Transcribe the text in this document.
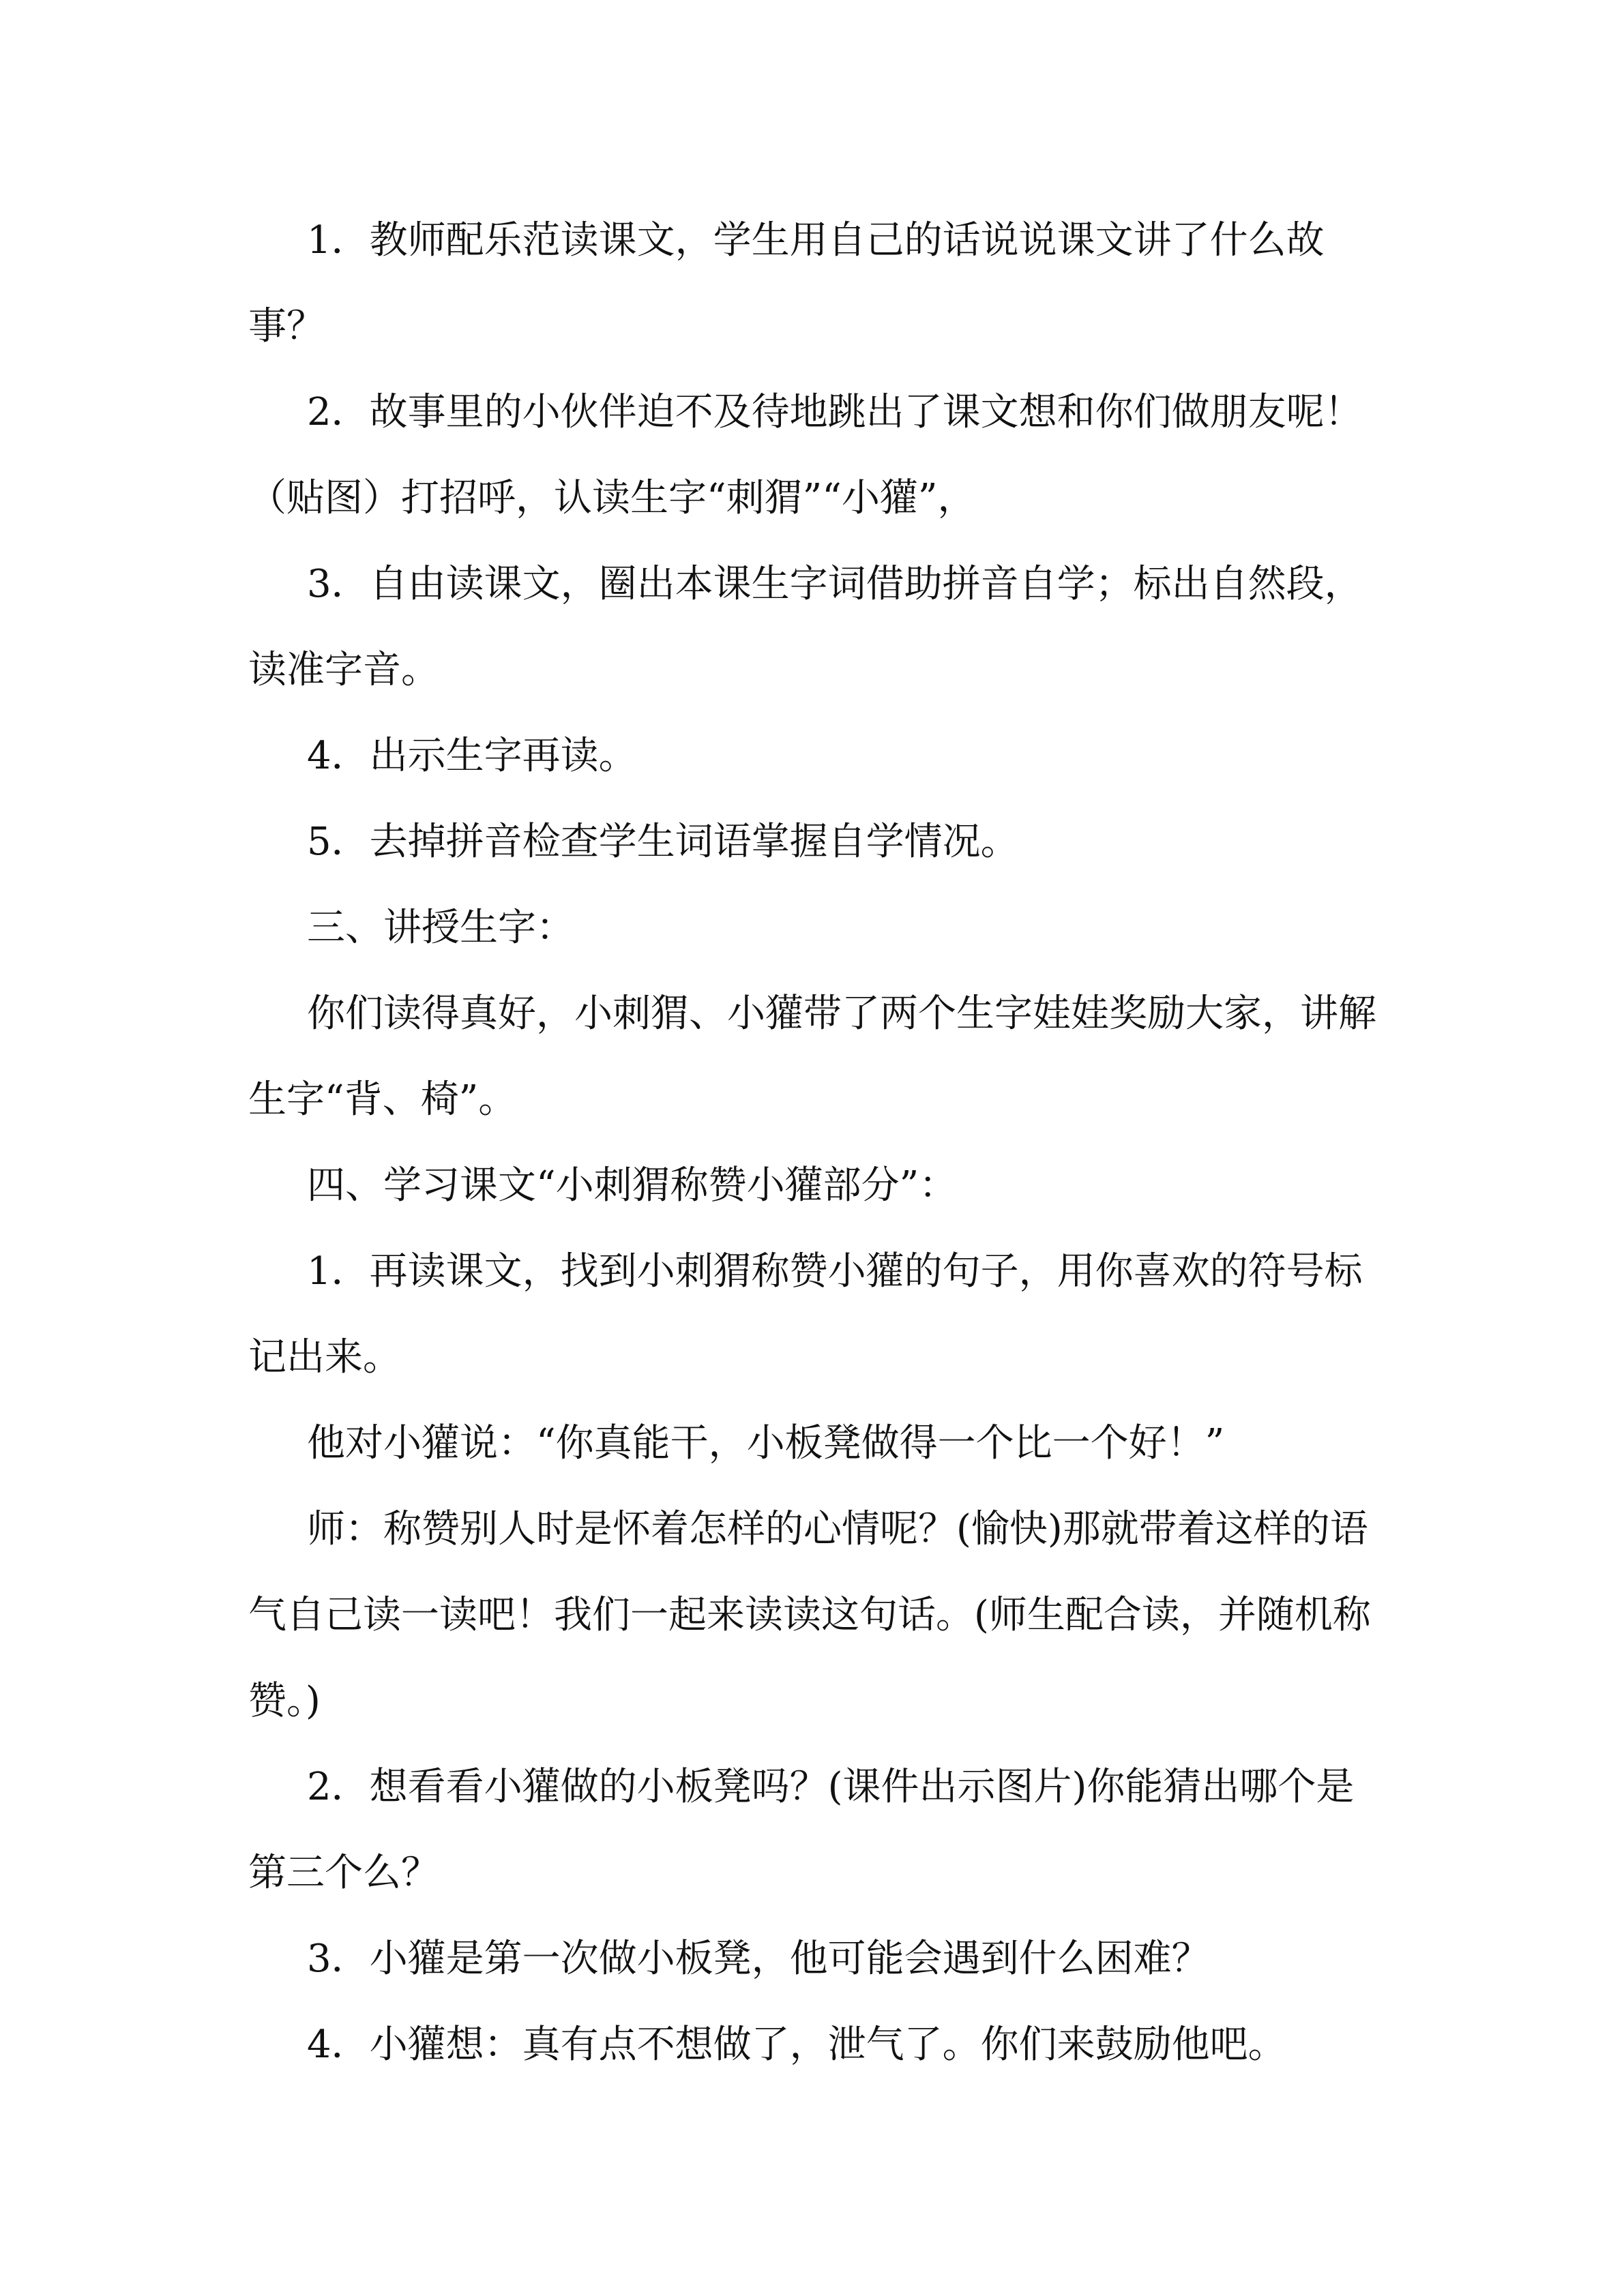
1．教师配乐范读课文，学生用自己的话说说课文讲了什么故
事？
2．故事里的小伙伴迫不及待地跳出了课文想和你们做朋友呢！
（贴图）打招呼，认读生字“刺猬”“小獾”，
3．自由读课文，圈出本课生字词借助拼音自学；标出自然段，
读准字音。
4．出示生字再读。
5．去掉拼音检查学生词语掌握自学情况。
三、讲授生字：
你们读得真好，小刺猬、小獾带了两个生字娃娃奖励大家，讲解
生字“背、椅”。
四、学习课文“小刺猬称赞小獾部分”：
1．再读课文，找到小刺猬称赞小獾的句子，用你喜欢的符号标
记出来。
他对小獾说：“你真能干，小板凳做得一个比一个好！”
师：称赞别人时是怀着怎样的心情呢？(愉快)那就带着这样的语
气自己读一读吧！我们一起来读读这句话。(师生配合读，并随机称
赞。)
2．想看看小獾做的小板凳吗？(课件出示图片)你能猜出哪个是
第三个么？
3．小獾是第一次做小板凳，他可能会遇到什么困难？
4．小獾想：真有点不想做了，泄气了。你们来鼓励他吧。
